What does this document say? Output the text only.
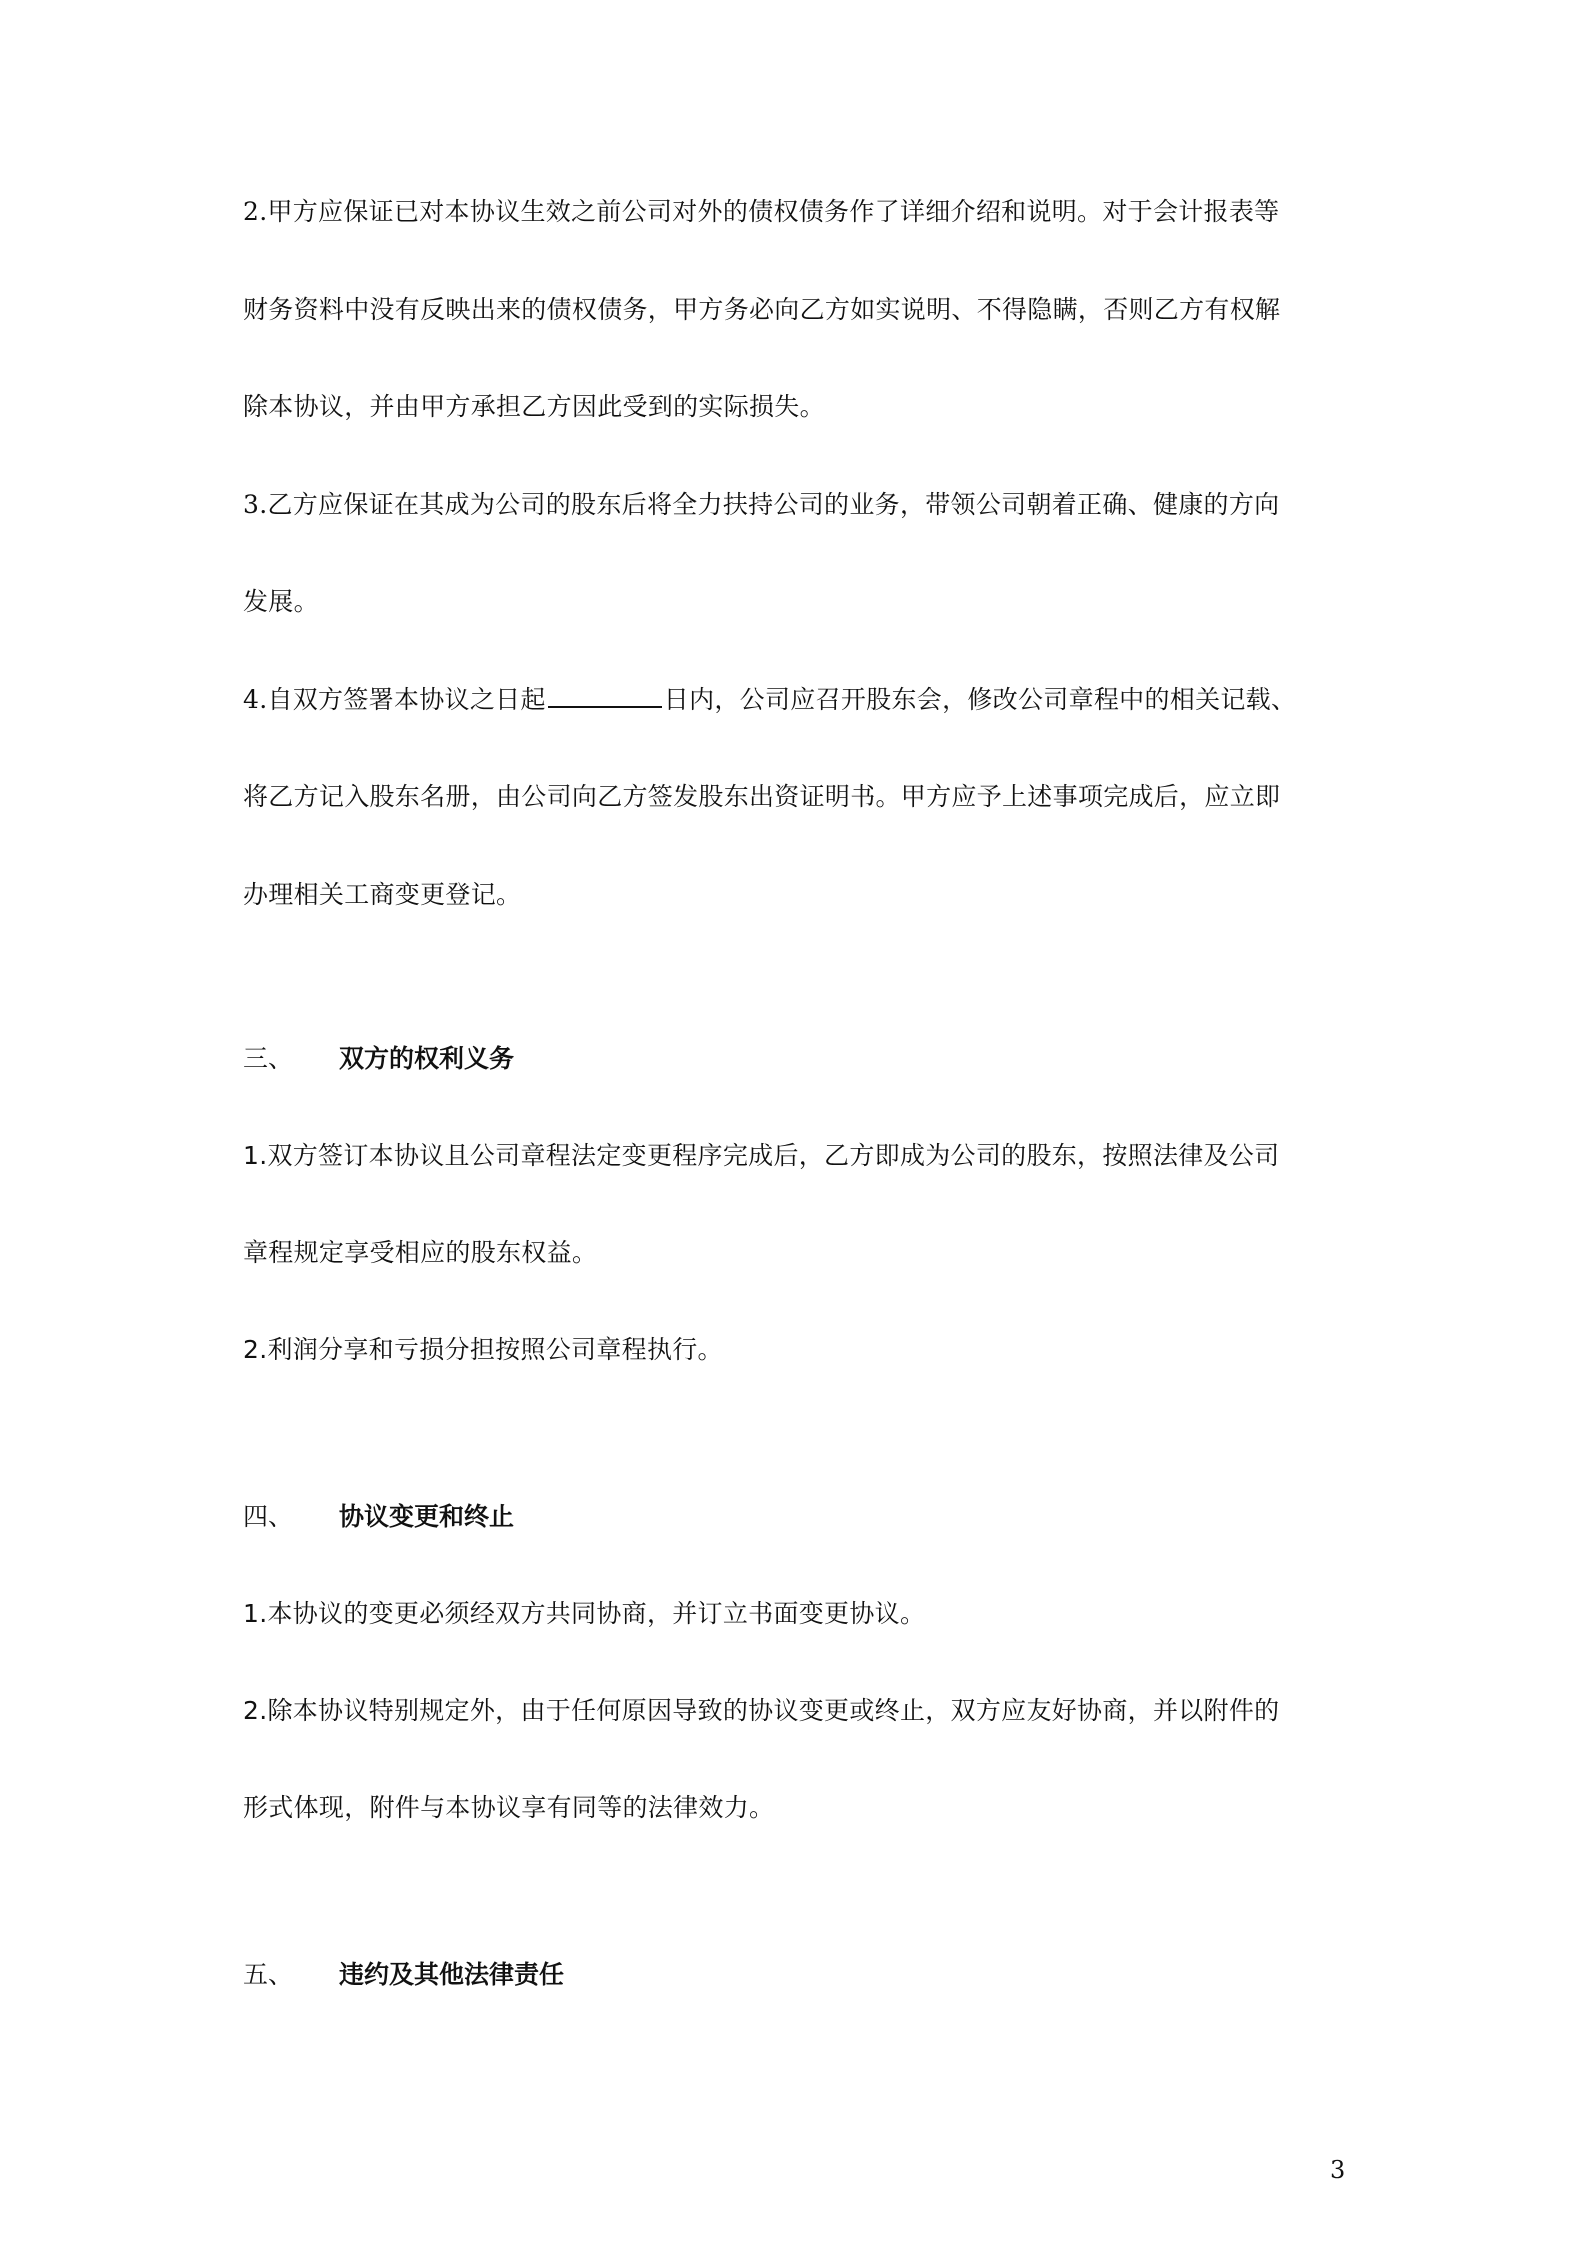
2.甲方应保证已对本协议生效之前公司对外的债权债务作了详细介绍和说明。对于会计报表等
财务资料中没有反映出来的债权债务，甲方务必向乙方如实说明、不得隐瞒，否则乙方有权解
除本协议，并由甲方承担乙方因此受到的实际损失。
3.乙方应保证在其成为公司的股东后将全力扶持公司的业务，带领公司朝着正确、健康的方向
发展。
4.自双方签署本协议之日起	日内，公司应召开股东会，修改公司章程中的相关记载、
将乙方记入股东名册，由公司向乙方签发股东出资证明书。甲方应予上述事项完成后，应立即
办理相关工商变更登记。
三、 双方的权利义务
1.双方签订本协议且公司章程法定变更程序完成后，乙方即成为公司的股东，按照法律及公司
章程规定享受相应的股东权益。
2.利润分享和亏损分担按照公司章程执行。
四、 协议变更和终止
1.本协议的变更必须经双方共同协商，并订立书面变更协议。
2.除本协议特别规定外，由于任何原因导致的协议变更或终止，双方应友好协商，并以附件的
形式体现，附件与本协议享有同等的法律效力。
五、 违约及其他法律责任
3
